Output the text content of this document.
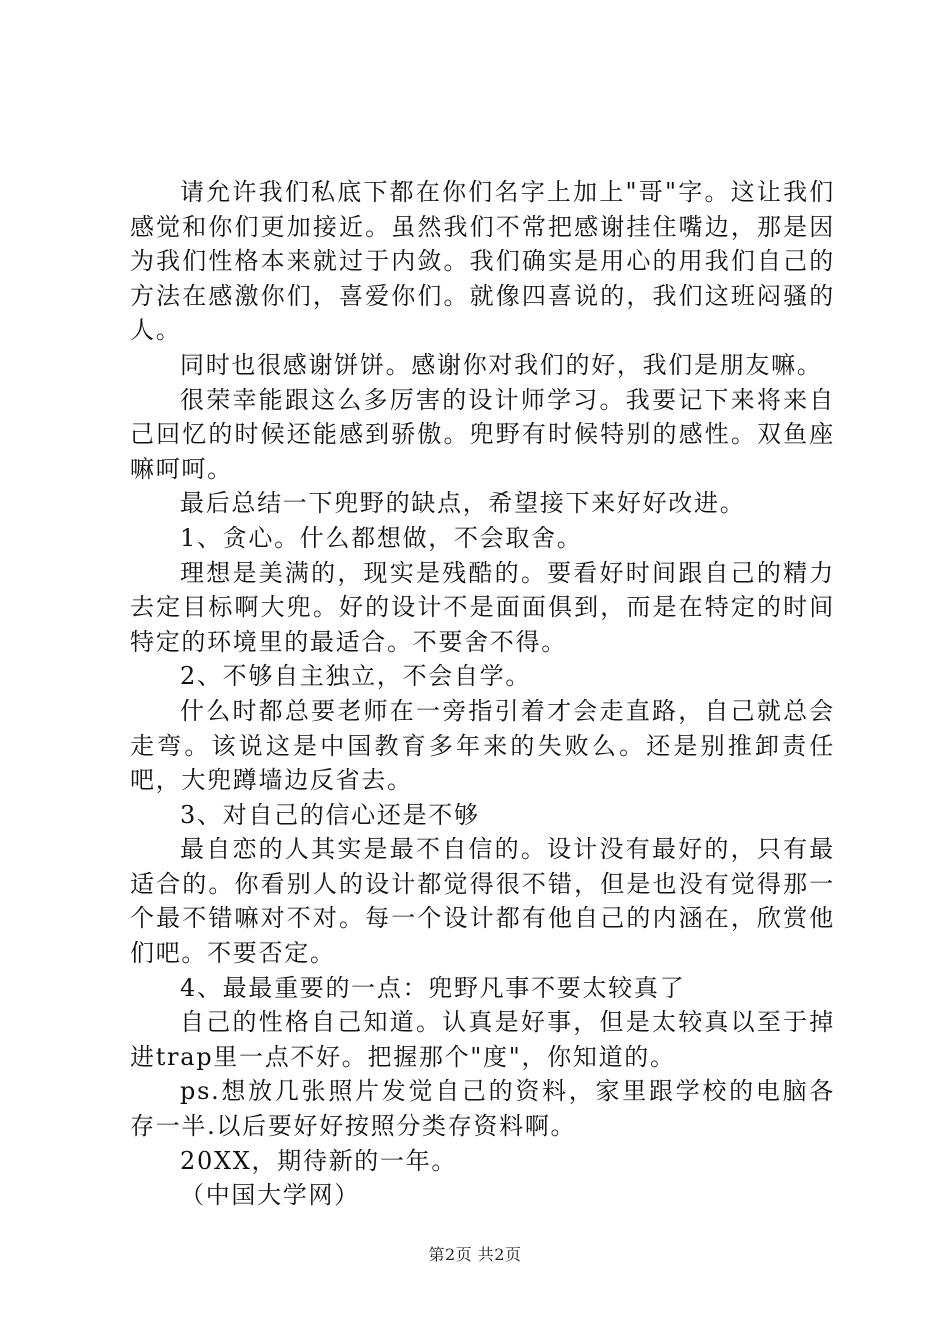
请允许我们私底下都在你们名字上加上"哥"字。这让我们感觉和你们更加接近。虽然我们不常把感谢挂住嘴边，那是因为我们性格本来就过于内敛。我们确实是用心的用我们自己的方法在感激你们，喜爱你们。就像四喜说的，我们这班闷骚的人。

同时也很感谢饼饼。感谢你对我们的好，我们是朋友嘛。

很荣幸能跟这么多厉害的设计师学习。我要记下来将来自己回忆的时候还能感到骄傲。兜野有时候特别的感性。双鱼座嘛呵呵。

最后总结一下兜野的缺点，希望接下来好好改进。

1、贪心。什么都想做，不会取舍。

理想是美满的，现实是残酷的。要看好时间跟自己的精力去定目标啊大兜。好的设计不是面面俱到，而是在特定的时间特定的环境里的最适合。不要舍不得。

2、不够自主独立，不会自学。

什么时都总要老师在一旁指引着才会走直路，自己就总会走弯。该说这是中国教育多年来的失败么。还是别推卸责任吧，大兜蹲墙边反省去。

3、对自己的信心还是不够

最自恋的人其实是最不自信的。设计没有最好的，只有最适合的。你看别人的设计都觉得很不错，但是也没有觉得那一个最不错嘛对不对。每一个设计都有他自己的内涵在，欣赏他们吧。不要否定。

4、最最重要的一点：兜野凡事不要太较真了

自己的性格自己知道。认真是好事，但是太较真以至于掉进trap里一点不好。把握那个"度"，你知道的。

ps.想放几张照片发觉自己的资料，家里跟学校的电脑各存一半.以后要好好按照分类存资料啊。

20XX，期待新的一年。

（中国大学网）

第2页 共2页
